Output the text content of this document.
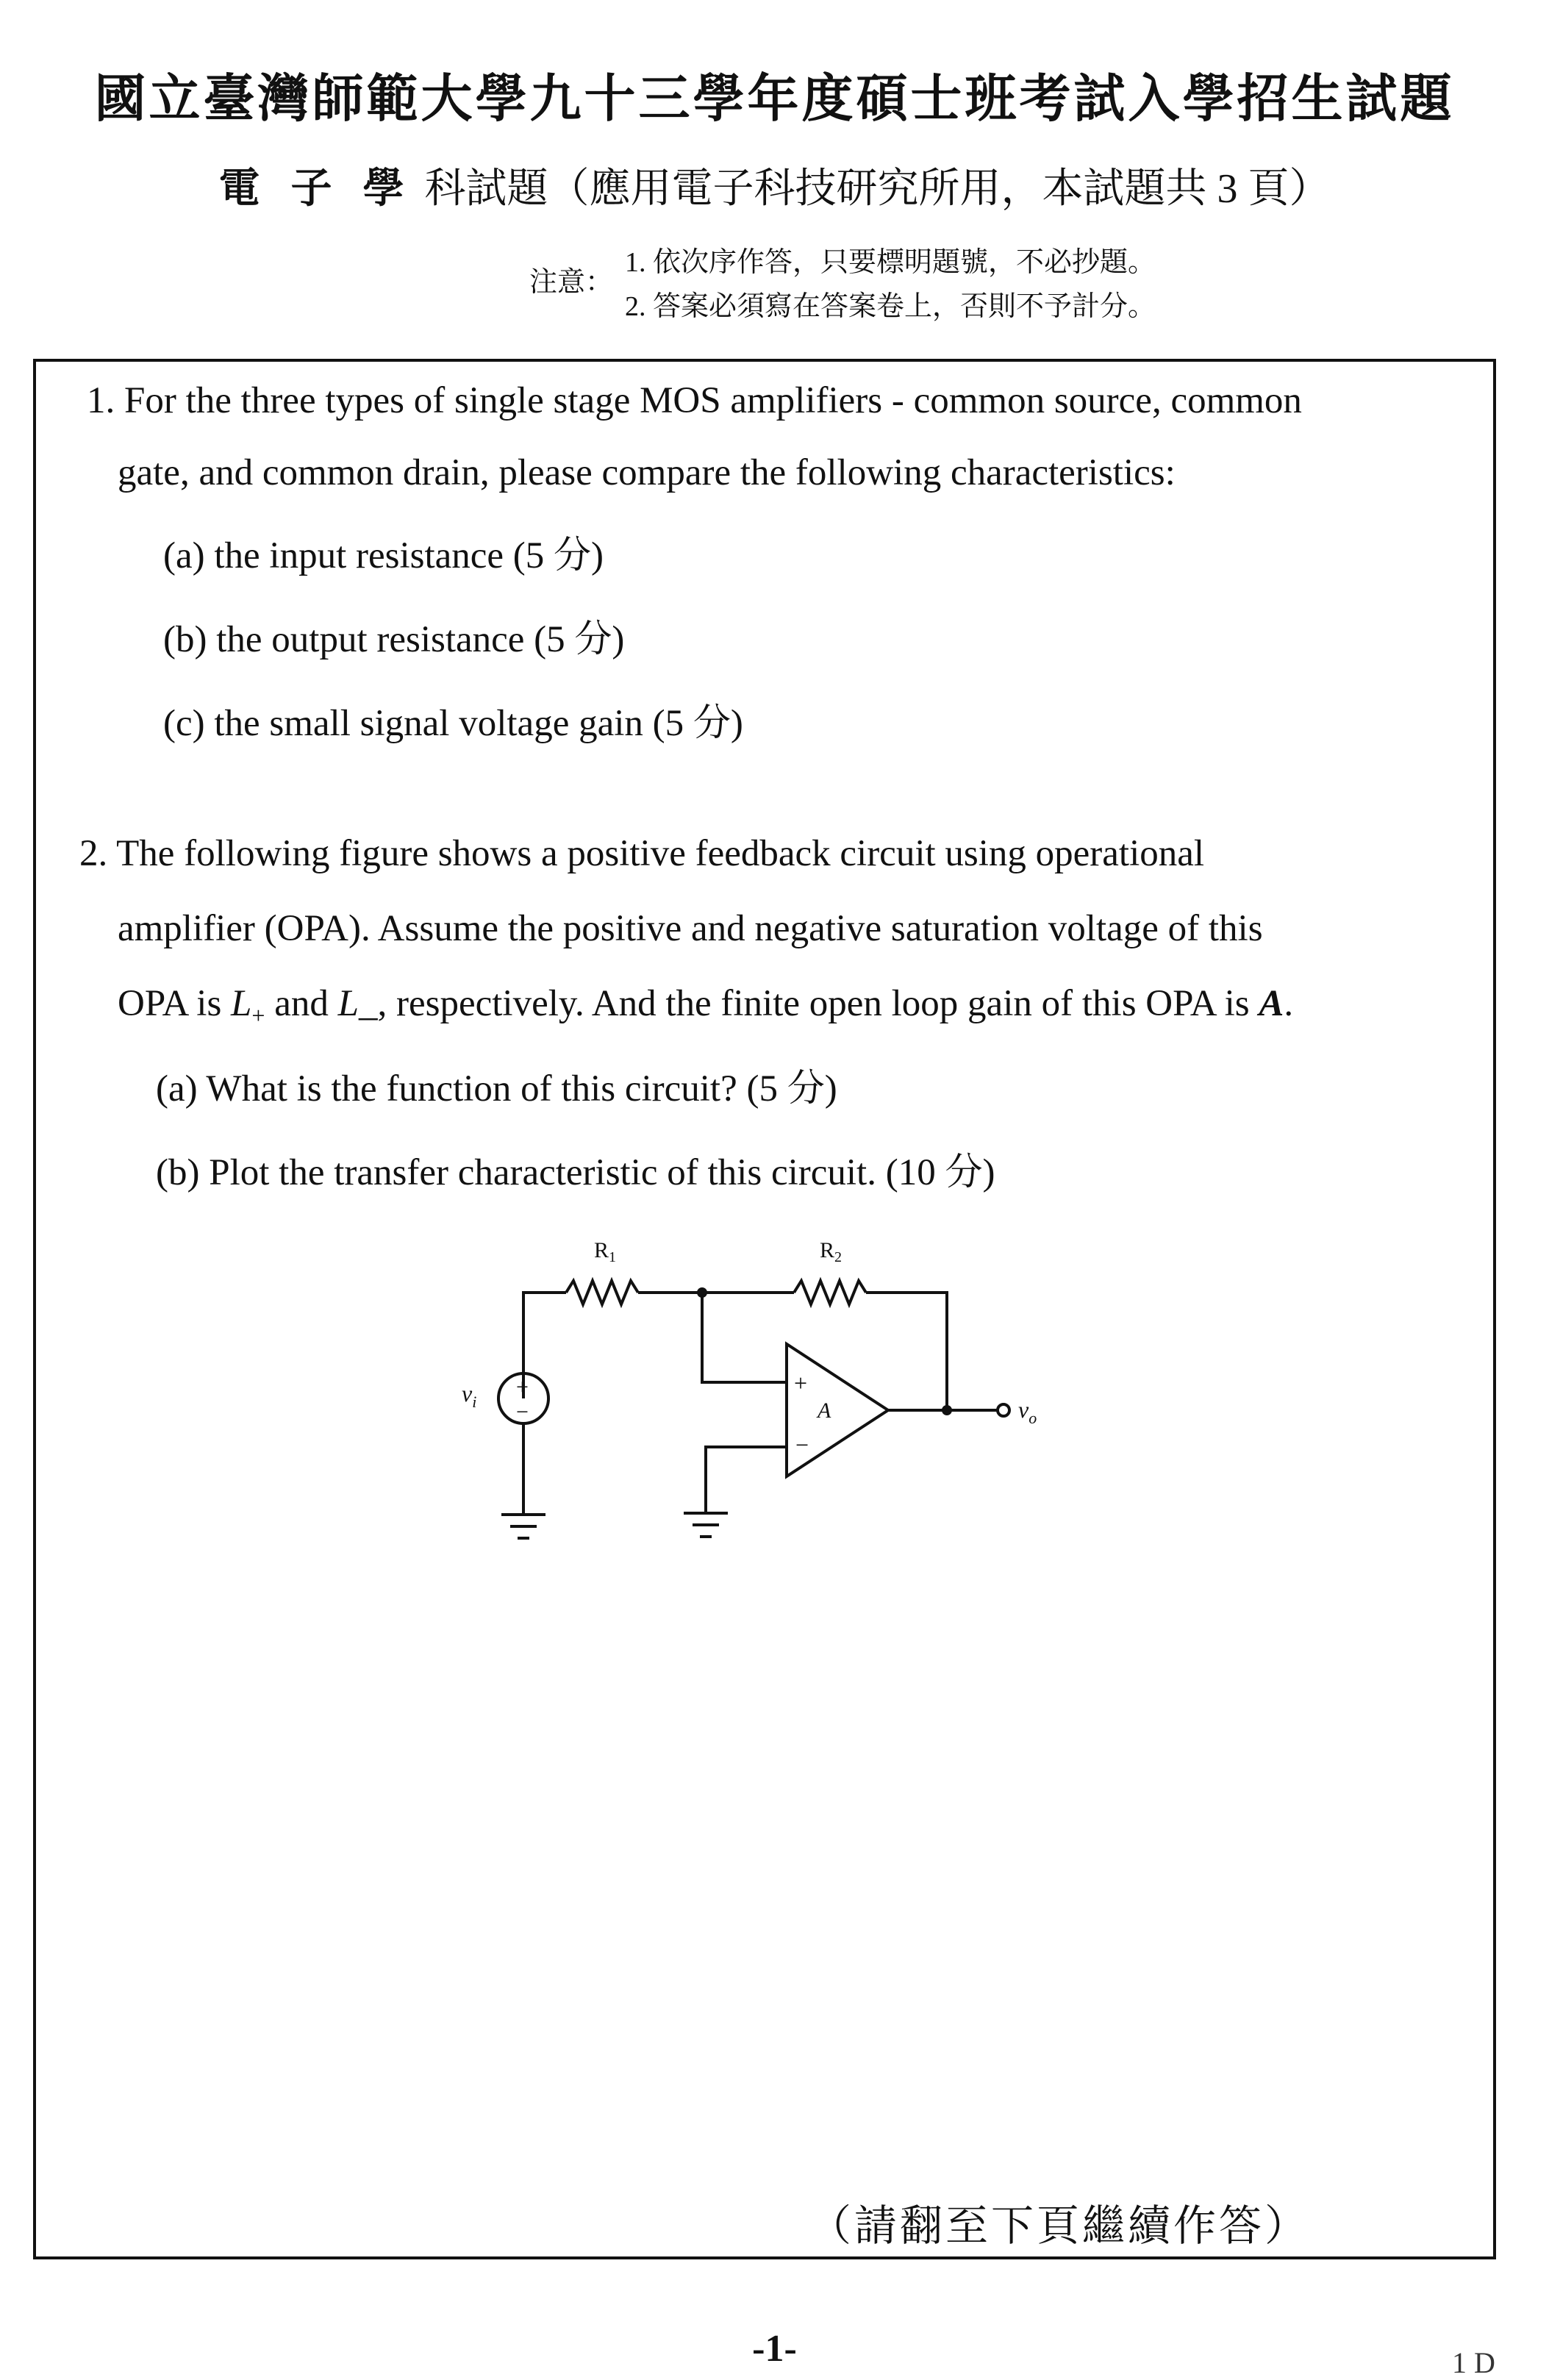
國立臺灣師範大學九十三學年度碩士班考試入學招生試題
電 子 學 科試題（應用電子科技研究所用，本試題共 3 頁）
注意：
1. 依次序作答，只要標明題號，不必抄題。
2. 答案必須寫在答案卷上，否則不予計分。
1. For the three types of single stage MOS amplifiers - common source, common
gate, and common drain, please compare the following characteristics:
(a) the input resistance (5 分)
(b) the output resistance (5 分)
(c) the small signal voltage gain (5 分)
2. The following figure shows a positive feedback circuit using operational
amplifier (OPA). Assume the positive and negative saturation voltage of this
OPA is $L_+$ and L_, respectively. And the finite open loop gain of this OPA is A.
(a) What is the function of this circuit? (5 分)
(b) Plot the transfer characteristic of this circuit. (10 分)
$R_1$	$R_2$
$v_i$	$v_o$
+
−
+
−
A
（請翻至下頁繼續作答）
-1-	1 D
